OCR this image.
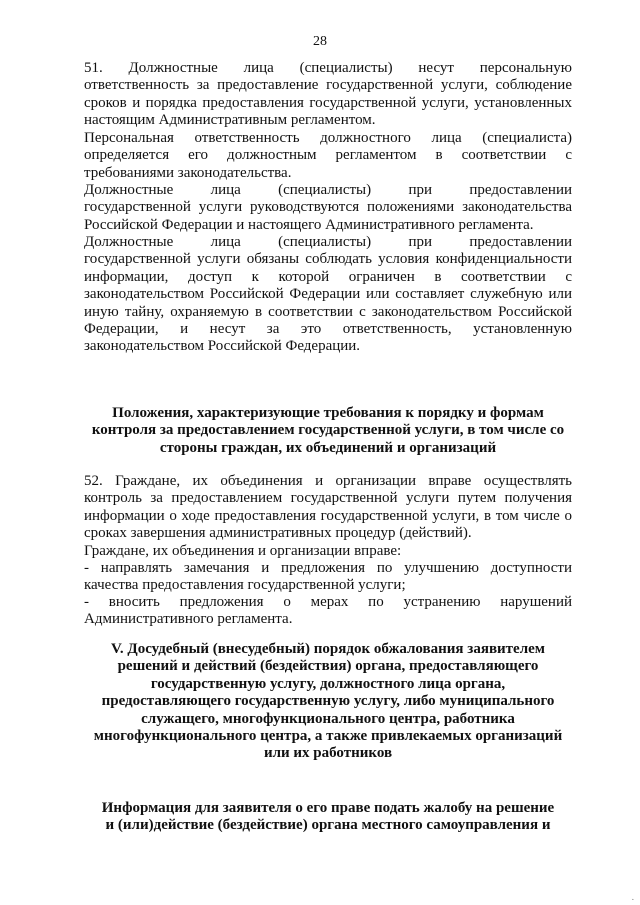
28
51. Должностные лица (специалисты) несут персональную
ответственность за предоставление государственной услуги, соблюдение
сроков и порядка предоставления государственной услуги, установленных
настоящим Административным регламентом.
Персональная ответственность должностного лица (специалиста)
определяется его должностным регламентом в соответствии с
требованиями законодательства.
Должностные лица (специалисты) при предоставлении
государственной услуги руководствуются положениями законодательства
Российской Федерации и настоящего Административного регламента.
Должностные лица (специалисты) при предоставлении
государственной услуги обязаны соблюдать условия конфиденциальности
информации, доступ к которой ограничен в соответствии с
законодательством Российской Федерации или составляет служебную или
иную тайну, охраняемую в соответствии с законодательством Российской
Федерации, и несут за это ответственность, установленную
законодательством Российской Федерации.
Положения, характеризующие требования к порядку и формам
контроля за предоставлением государственной услуги, в том числе со
стороны граждан, их объединений и организаций
52. Граждане, их объединения и организации вправе осуществлять
контроль за предоставлением государственной услуги путем получения
информации о ходе предоставления государственной услуги, в том числе о
сроках завершения административных процедур (действий).
Граждане, их объединения и организации вправе:
- направлять замечания и предложения по улучшению доступности
качества предоставления государственной услуги;
- вносить предложения о мерах по устранению нарушений
Административного регламента.
V. Досудебный (внесудебный) порядок обжалования заявителем
решений и действий (бездействия) органа, предоставляющего
государственную услугу, должностного лица органа,
предоставляющего государственную услугу, либо муниципального
служащего, многофункционального центра, работника
многофункционального центра, а также привлекаемых организаций
или их работников
Информация для заявителя о его праве подать жалобу на решение
и (или)действие (бездействие) органа местного самоуправления и
.
